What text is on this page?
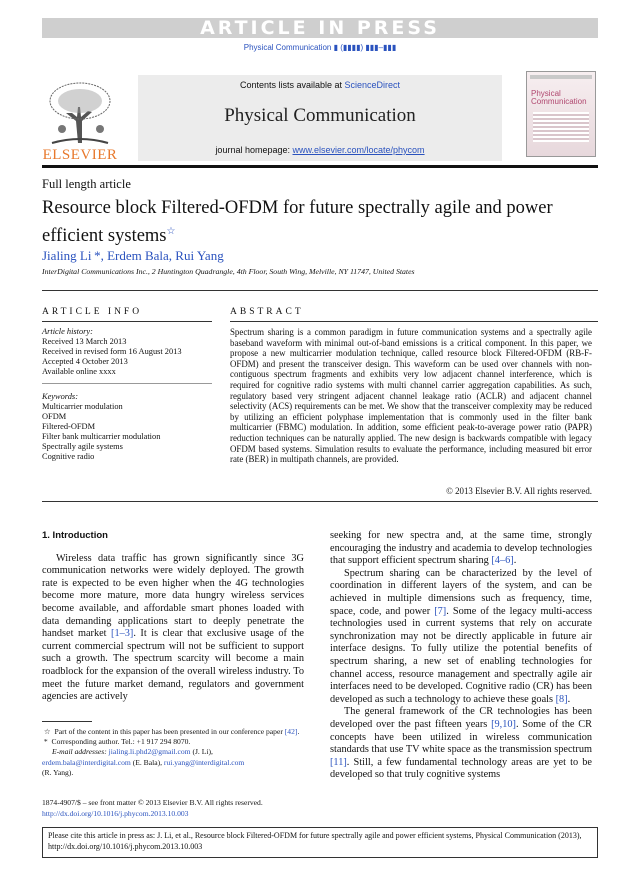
ARTICLE IN PRESS
Physical Communication ▮ (▮▮▮▮) ▮▮▮–▮▮▮
ELSEVIER
Contents lists available at ScienceDirect
Physical Communication
journal homepage: www.elsevier.com/locate/phycom
Physical
Communication
Full length article
Resource block Filtered-OFDM for future spectrally agile and power efficient systems☆
Jialing Li *, Erdem Bala, Rui Yang
InterDigital Communications Inc., 2 Huntington Quadrangle, 4th Floor, South Wing, Melville, NY 11747, United States
ARTICLE INFO	ABSTRACT
Article history:
Received 13 March 2013
Received in revised form 16 August 2013
Accepted 4 October 2013
Available online xxxx
Keywords:
Multicarrier modulation
OFDM
Filtered-OFDM
Filter bank multicarrier modulation
Spectrally agile systems
Cognitive radio
Spectrum sharing is a common paradigm in future communication systems and a spectrally agile baseband waveform with minimal out-of-band emissions is a critical component. In this paper, we propose a new multicarrier modulation technique, called resource block Filtered-OFDM (RB-F-OFDM) and present the transceiver design. This waveform can be used over channels with non-contiguous spectrum fragments and exhibits very low adjacent channel interference, which is required for cognitive radio systems with multi channel carrier aggregation capabilities. As such, regulatory based very stringent adjacent channel leakage ratio (ACLR) and adjacent channel selectivity (ACS) requirements can be met. We show that the transceiver complexity may be reduced by utilizing an efficient polyphase implementation that is commonly used in the filter bank multicarrier (FBMC) modulation. In addition, some efficient peak-to-average power ratio (PAPR) reduction techniques can be naturally applied. The new design is backwards compatible with legacy OFDM based systems. Simulation results to evaluate the performance, including measured bit error rate (BER) in multipath channels, are provided.
© 2013 Elsevier B.V. All rights reserved.

1. Introduction

Wireless data traffic has grown significantly since 3G communication networks were widely deployed. The growth rate is expected to be even higher when the 4G technologies become more mature, more data hungry wireless services become available, and affordable smart phones loaded with data demanding applications start to deeply penetrate the handset market [1–3]. It is clear that exclusive usage of the current commercial spectrum will not be sufficient to support such a growth. The spectrum scarcity will become a main roadblock for the expansion of the overall wireless industry. To meet the future market demand, regulators and government agencies are actively

seeking for new spectra and, at the same time, strongly encouraging the industry and academia to develop technologies that support efficient spectrum sharing [4–6].

Spectrum sharing can be characterized by the level of coordination in different layers of the system, and can be achieved in multiple dimensions such as frequency, time, space, code, and power [7]. Some of the legacy multi-access technologies used in current systems that rely on accurate synchronization may not be directly applicable in future air interface designs. To fully utilize the potential benefits of spectrum sharing, a new set of enabling technologies for channel access, resource management and spectrally agile air interfaces need to be developed. Cognitive radio (CR) has been developed as such a technology to achieve these goals [8].

The general framework of the CR technologies has been developed over the past fifteen years [9,10]. Some of the CR concepts have been utilized in wireless communication standards that use TV white space as the transmission spectrum [11]. Still, a few fundamental technology areas are yet to be developed so that truly cognitive systems

☆ Part of the content in this paper has been presented in our conference paper [42].
* Corresponding author. Tel.: +1 917 294 8070.
E-mail addresses: jialing.li.phd2@gmail.com (J. Li),
erdem.bala@interdigital.com (E. Bala), rui.yang@interdigital.com
(R. Yang).
1874-4907/$ – see front matter © 2013 Elsevier B.V. All rights reserved.
http://dx.doi.org/10.1016/j.phycom.2013.10.003
Please cite this article in press as: J. Li, et al., Resource block Filtered-OFDM for future spectrally agile and power efficient systems, Physical Communication (2013), http://dx.doi.org/10.1016/j.phycom.2013.10.003
